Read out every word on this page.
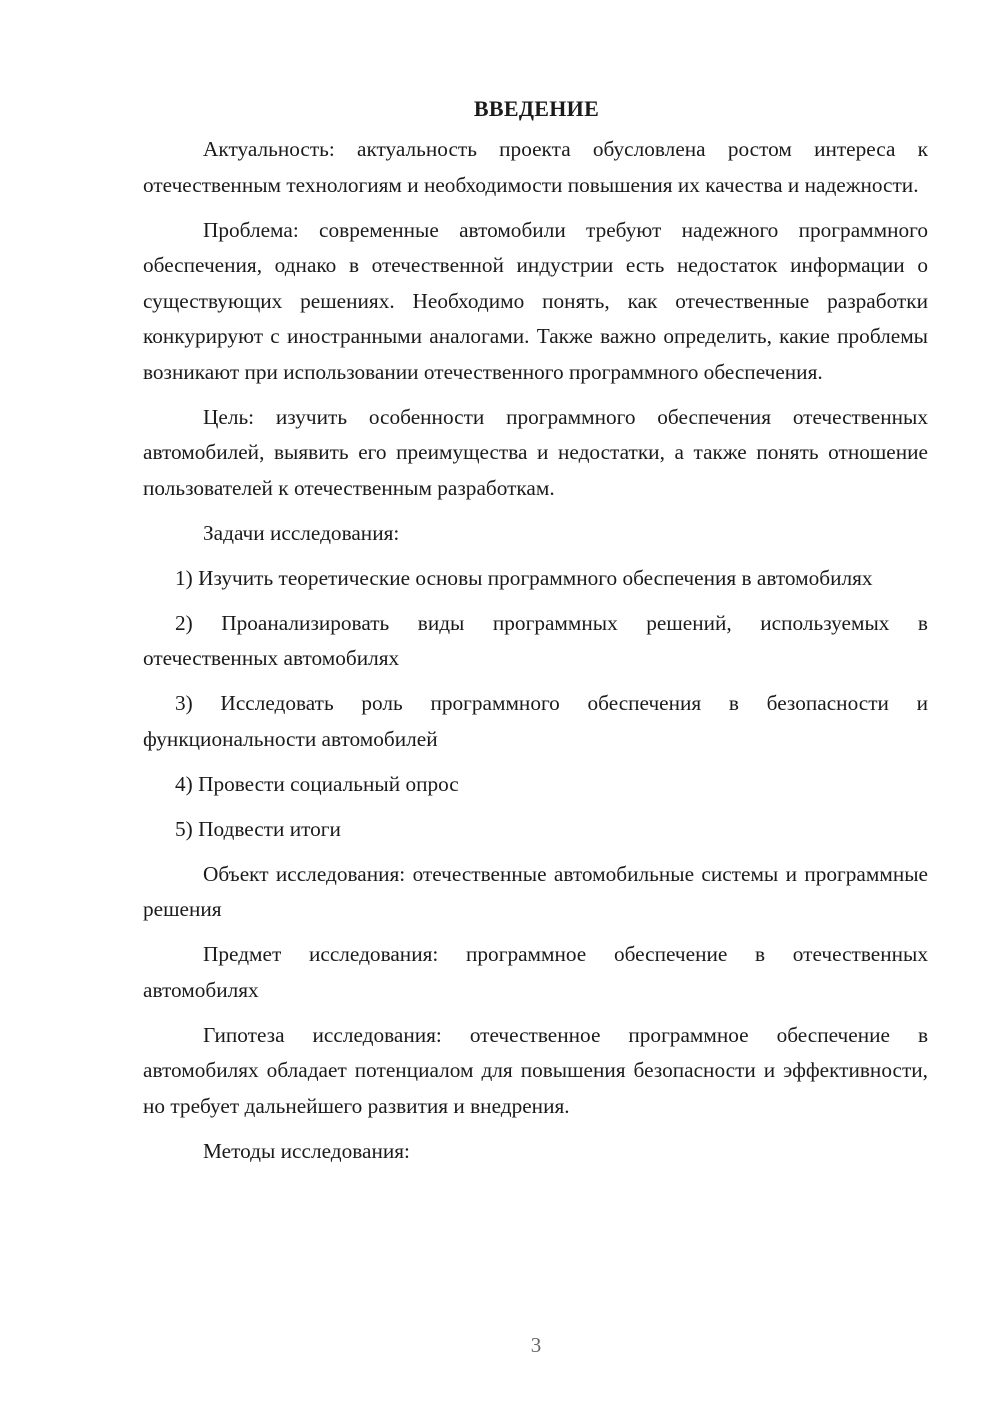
ВВЕДЕНИЕ

Актуальность: актуальность проекта обусловлена ростом интереса к отечественным технологиям и необходимости повышения их качества и надежности.

Проблема: современные автомобили требуют надежного программного обеспечения, однако в отечественной индустрии есть недостаток информации о существующих решениях. Необходимо понять, как отечественные разработки конкурируют с иностранными аналогами. Также важно определить, какие проблемы возникают при использовании отечественного программного обеспечения.

Цель: изучить особенности программного обеспечения отечественных автомобилей, выявить его преимущества и недостатки, а также понять отношение пользователей к отечественным разработкам.

Задачи исследования:

1) Изучить теоретические основы программного обеспечения в автомобилях

2) Проанализировать виды программных решений, используемых в отечественных автомобилях

3) Исследовать роль программного обеспечения в безопасности и функциональности автомобилей

4) Провести социальный опрос

5) Подвести итоги

Объект исследования: отечественные автомобильные системы и программные решения

Предмет исследования: программное обеспечение в отечественных автомобилях

Гипотеза исследования: отечественное программное обеспечение в автомобилях обладает потенциалом для повышения безопасности и эффективности, но требует дальнейшего развития и внедрения.

Методы исследования:

3
